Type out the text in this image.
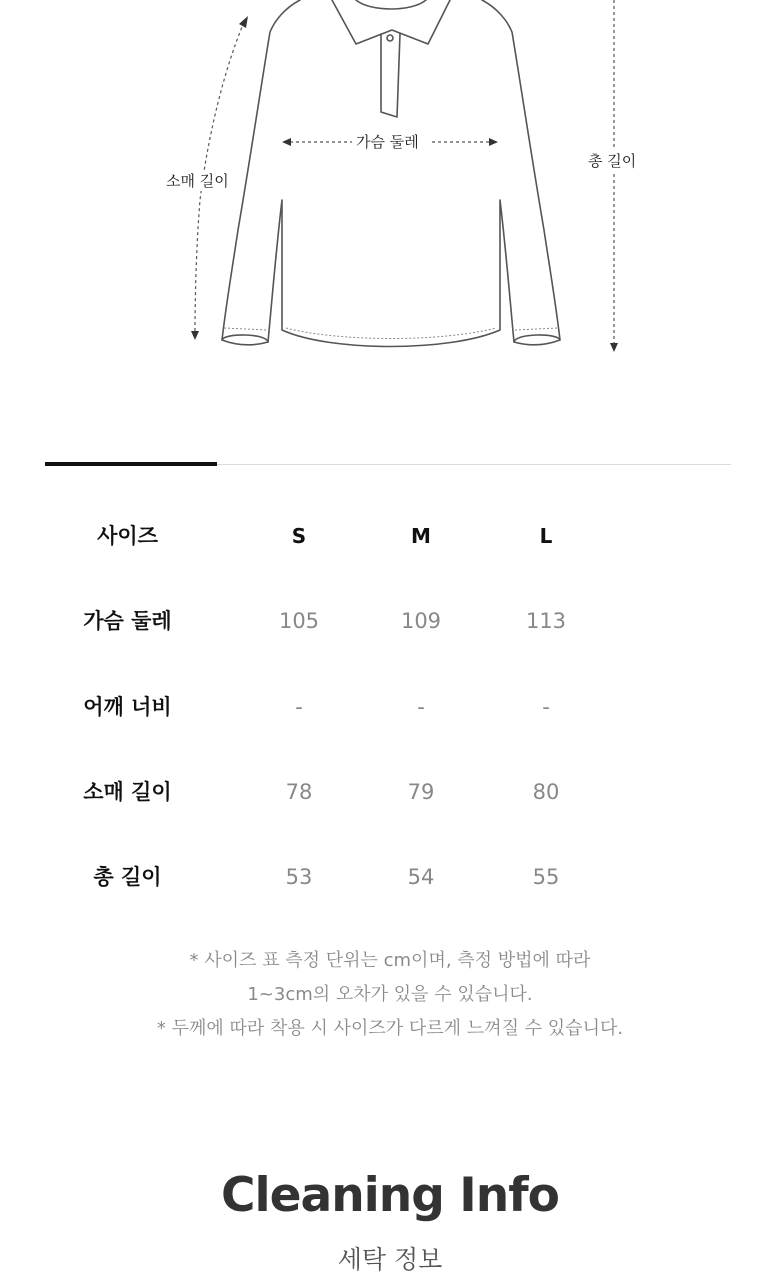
소매 길이
가슴 둘레
총 길이
사이즈	S	M	L
가슴 둘레	105	109	113
어깨 너비	-	-	-
소매 길이	78	79	80
총 길이	53	54	55
* 사이즈 표 측정 단위는 cm이며, 측정 방법에 따라
1~3cm의 오차가 있을 수 있습니다.
* 두께에 따라 착용 시 사이즈가 다르게 느껴질 수 있습니다.
Cleaning Info
세탁 정보
